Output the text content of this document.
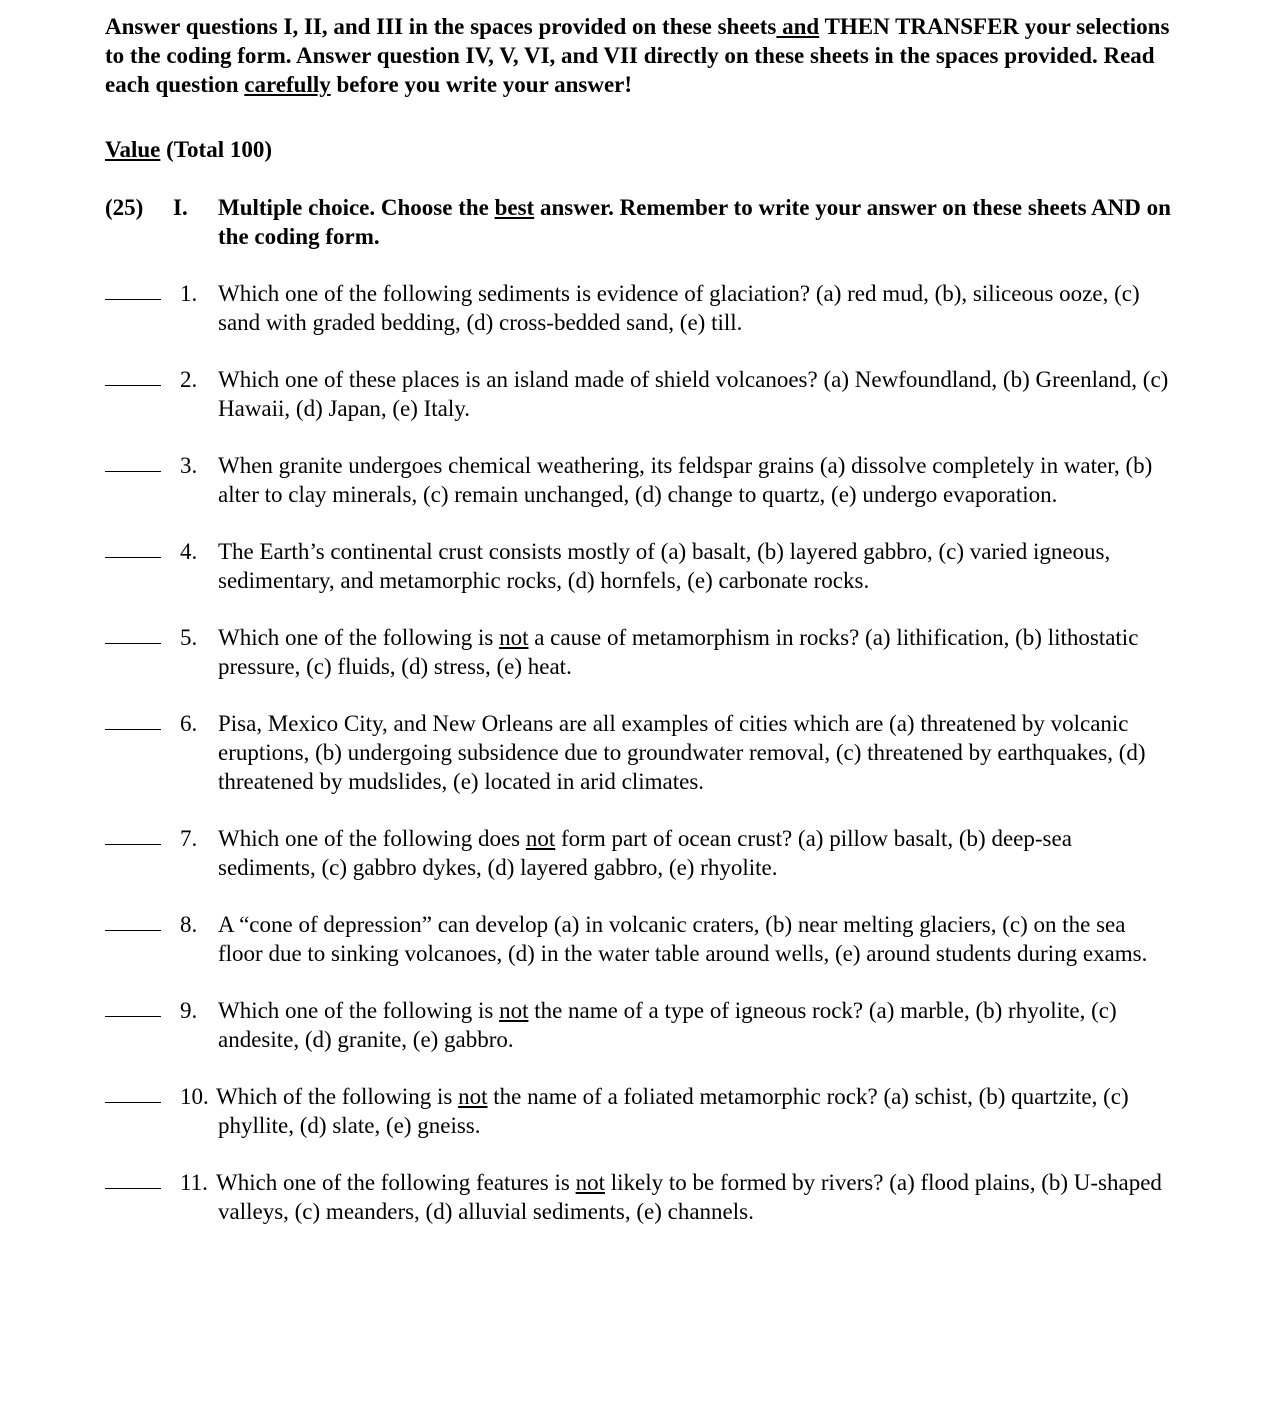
Answer questions I, II, and III in the spaces provided on these sheets and THEN TRANSFER your selections to the coding form. Answer question IV, V, VI, and VII directly on these sheets in the spaces provided. Read each question carefully before you write your answer!

Value (Total 100)
(25) I. Multiple choice. Choose the best answer. Remember to write your answer on these sheets AND on the coding form.
1. Which one of the following sediments is evidence of glaciation? (a) red mud, (b), siliceous ooze, (c) sand with graded bedding, (d) cross-bedded sand, (e) till.
2. Which one of these places is an island made of shield volcanoes? (a) Newfoundland, (b) Greenland, (c) Hawaii, (d) Japan, (e) Italy.
3. When granite undergoes chemical weathering, its feldspar grains (a) dissolve completely in water, (b) alter to clay minerals, (c) remain unchanged, (d) change to quartz, (e) undergo evaporation.
4. The Earth’s continental crust consists mostly of (a) basalt, (b) layered gabbro, (c) varied igneous, sedimentary, and metamorphic rocks, (d) hornfels, (e) carbonate rocks.
5. Which one of the following is not a cause of metamorphism in rocks? (a) lithification, (b) lithostatic pressure, (c) fluids, (d) stress, (e) heat.
6. Pisa, Mexico City, and New Orleans are all examples of cities which are (a) threatened by volcanic eruptions, (b) undergoing subsidence due to groundwater removal, (c) threatened by earthquakes, (d) threatened by mudslides, (e) located in arid climates.
7. Which one of the following does not form part of ocean crust? (a) pillow basalt, (b) deep-sea sediments, (c) gabbro dykes, (d) layered gabbro, (e) rhyolite.
8. A “cone of depression” can develop (a) in volcanic craters, (b) near melting glaciers, (c) on the sea floor due to sinking volcanoes, (d) in the water table around wells, (e) around students during exams.
9. Which one of the following is not the name of a type of igneous rock? (a) marble, (b) rhyolite, (c) andesite, (d) granite, (e) gabbro.
10. Which of the following is not the name of a foliated metamorphic rock? (a) schist, (b) quartzite, (c) phyllite, (d) slate, (e) gneiss.
11. Which one of the following features is not likely to be formed by rivers? (a) flood plains, (b) U-shaped valleys, (c) meanders, (d) alluvial sediments, (e) channels.
